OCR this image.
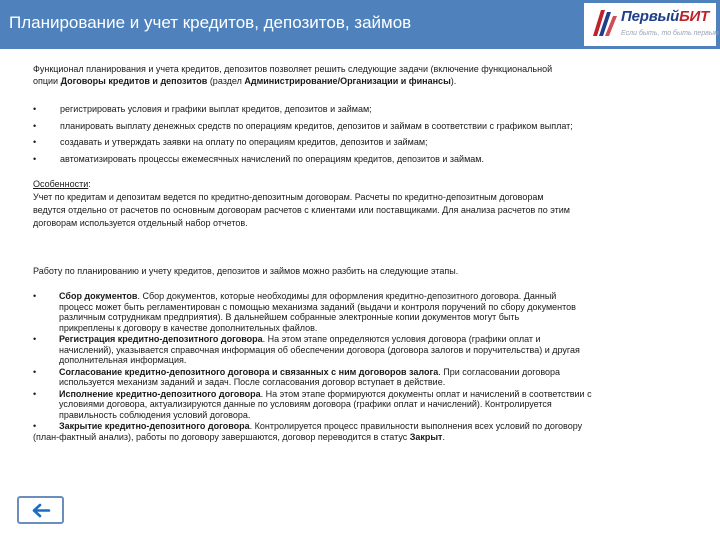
Планирование и учет кредитов, депозитов, займов	ПервыйБИТ
Если быть, то быть первым
Функционал планирования и учета кредитов, депозитов позволяет решить следующие задачи (включение функциональной
опции Договоры кредитов и депозитов (раздел Администрирование/Организации и финансы).
• регистрировать условия и графики выплат кредитов, депозитов и займам;
• планировать выплату денежных средств по операциям кредитов, депозитов и займам в соответствии с графиком выплат;
• создавать и утверждать заявки на оплату по операциям кредитов, депозитов и займам;
• автоматизировать процессы ежемесячных начислений по операциям кредитов, депозитов и займам.
Особенности:
Учет по кредитам и депозитам ведется по кредитно-депозитным договорам. Расчеты по кредитно-депозитным договорам
ведутся отдельно от расчетов по основным договорам расчетов с клиентами или поставщиками. Для анализа расчетов по этим
договорам используется отдельный набор отчетов.
Работу по планированию и учету кредитов, депозитов и займов можно разбить на следующие этапы.
• Сбор документов. Сбор документов, которые необходимы для оформления кредитно-депозитного договора. Данный
процесс может быть регламентирован с помощью механизма заданий (выдачи и контроля поручений по сбору документов
различным сотрудникам предприятия). В дальнейшем собранные электронные копии документов могут быть
прикреплены к договору в качестве дополнительных файлов.
• Регистрация кредитно-депозитного договора. На этом этапе определяются условия договора (графики оплат и
начислений), указывается справочная информация об обеспечении договора (договора залогов и поручительства) и другая
дополнительная информация.
• Согласование кредитно-депозитного договора и связанных с ним договоров залога. При согласовании договора
используется механизм заданий и задач. После согласования договор вступает в действие.
• Исполнение кредитно-депозитного договора. На этом этапе формируются документы оплат и начислений в соответствии с
условиями договора, актуализируются данные по условиям договора (графики оплат и начислений). Контролируется
правильность соблюдения условий договора.
•	Закрытие кредитно-депозитного договора. Контролируется процесс правильности выполнения всех условий по договору
(план-фактный анализ), работы по договору завершаются, договор переводится в статус Закрыт.
